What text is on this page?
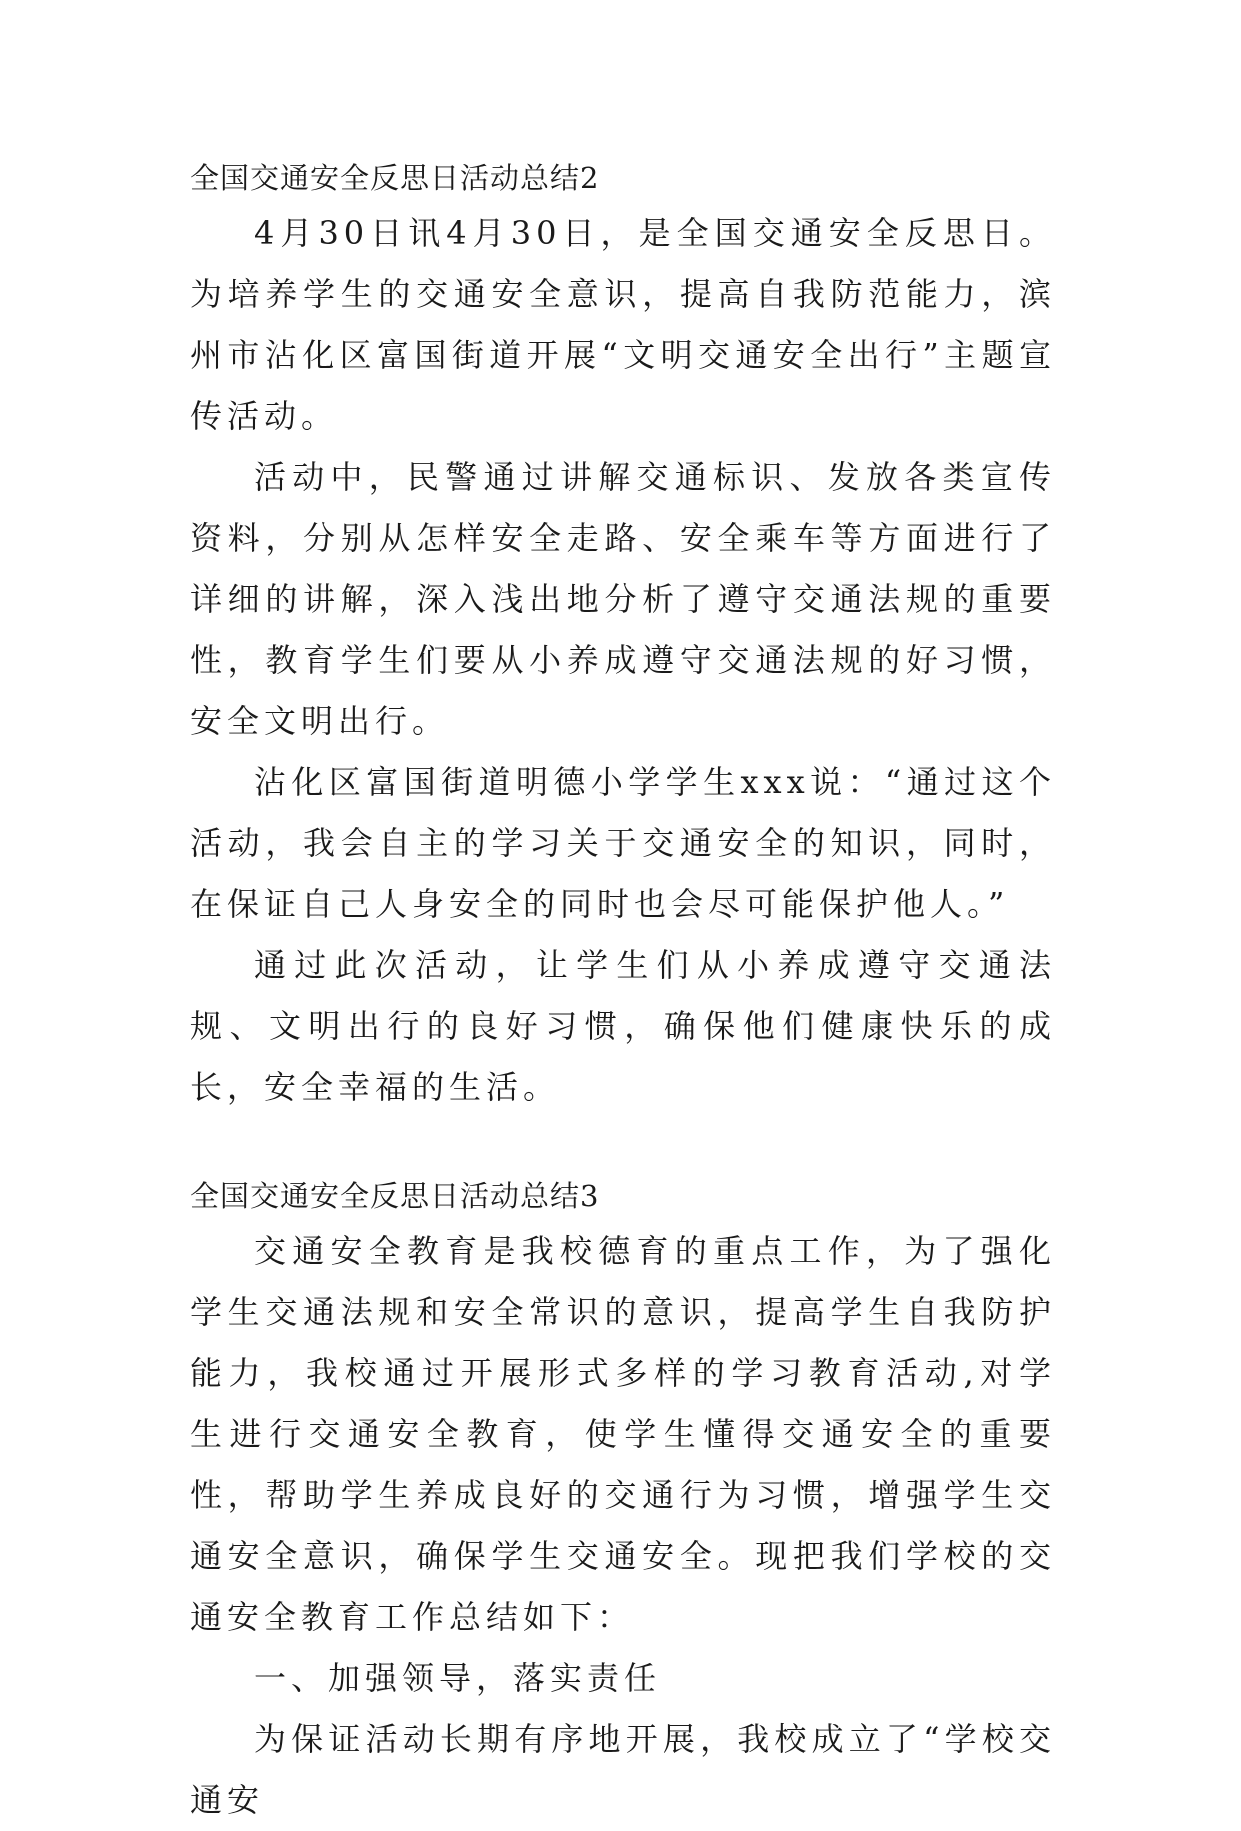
全国交通安全反思日活动总结2

4月30日讯4月30日，是全国交通安全反思日。为培养学生的交通安全意识，提高自我防范能力，滨州市沾化区富国街道开展“文明交通安全出行”主题宣传活动。

活动中，民警通过讲解交通标识、发放各类宣传资料，分别从怎样安全走路、安全乘车等方面进行了详细的讲解，深入浅出地分析了遵守交通法规的重要性，教育学生们要从小养成遵守交通法规的好习惯，安全文明出行。

沾化区富国街道明德小学学生xxx说：“通过这个活动，我会自主的学习关于交通安全的知识，同时，在保证自己人身安全的同时也会尽可能保护他人。”

通过此次活动，让学生们从小养成遵守交通法规、文明出行的良好习惯，确保他们健康快乐的成长，安全幸福的生活。

全国交通安全反思日活动总结3

交通安全教育是我校德育的重点工作，为了强化学生交通法规和安全常识的意识，提高学生自我防护能力，我校通过开展形式多样的学习教育活动,对学生进行交通安全教育，使学生懂得交通安全的重要性，帮助学生养成良好的交通行为习惯，增强学生交通安全意识，确保学生交通安全。现把我们学校的交通安全教育工作总结如下：

一、加强领导，落实责任

为保证活动长期有序地开展，我校成立了“学校交通安
